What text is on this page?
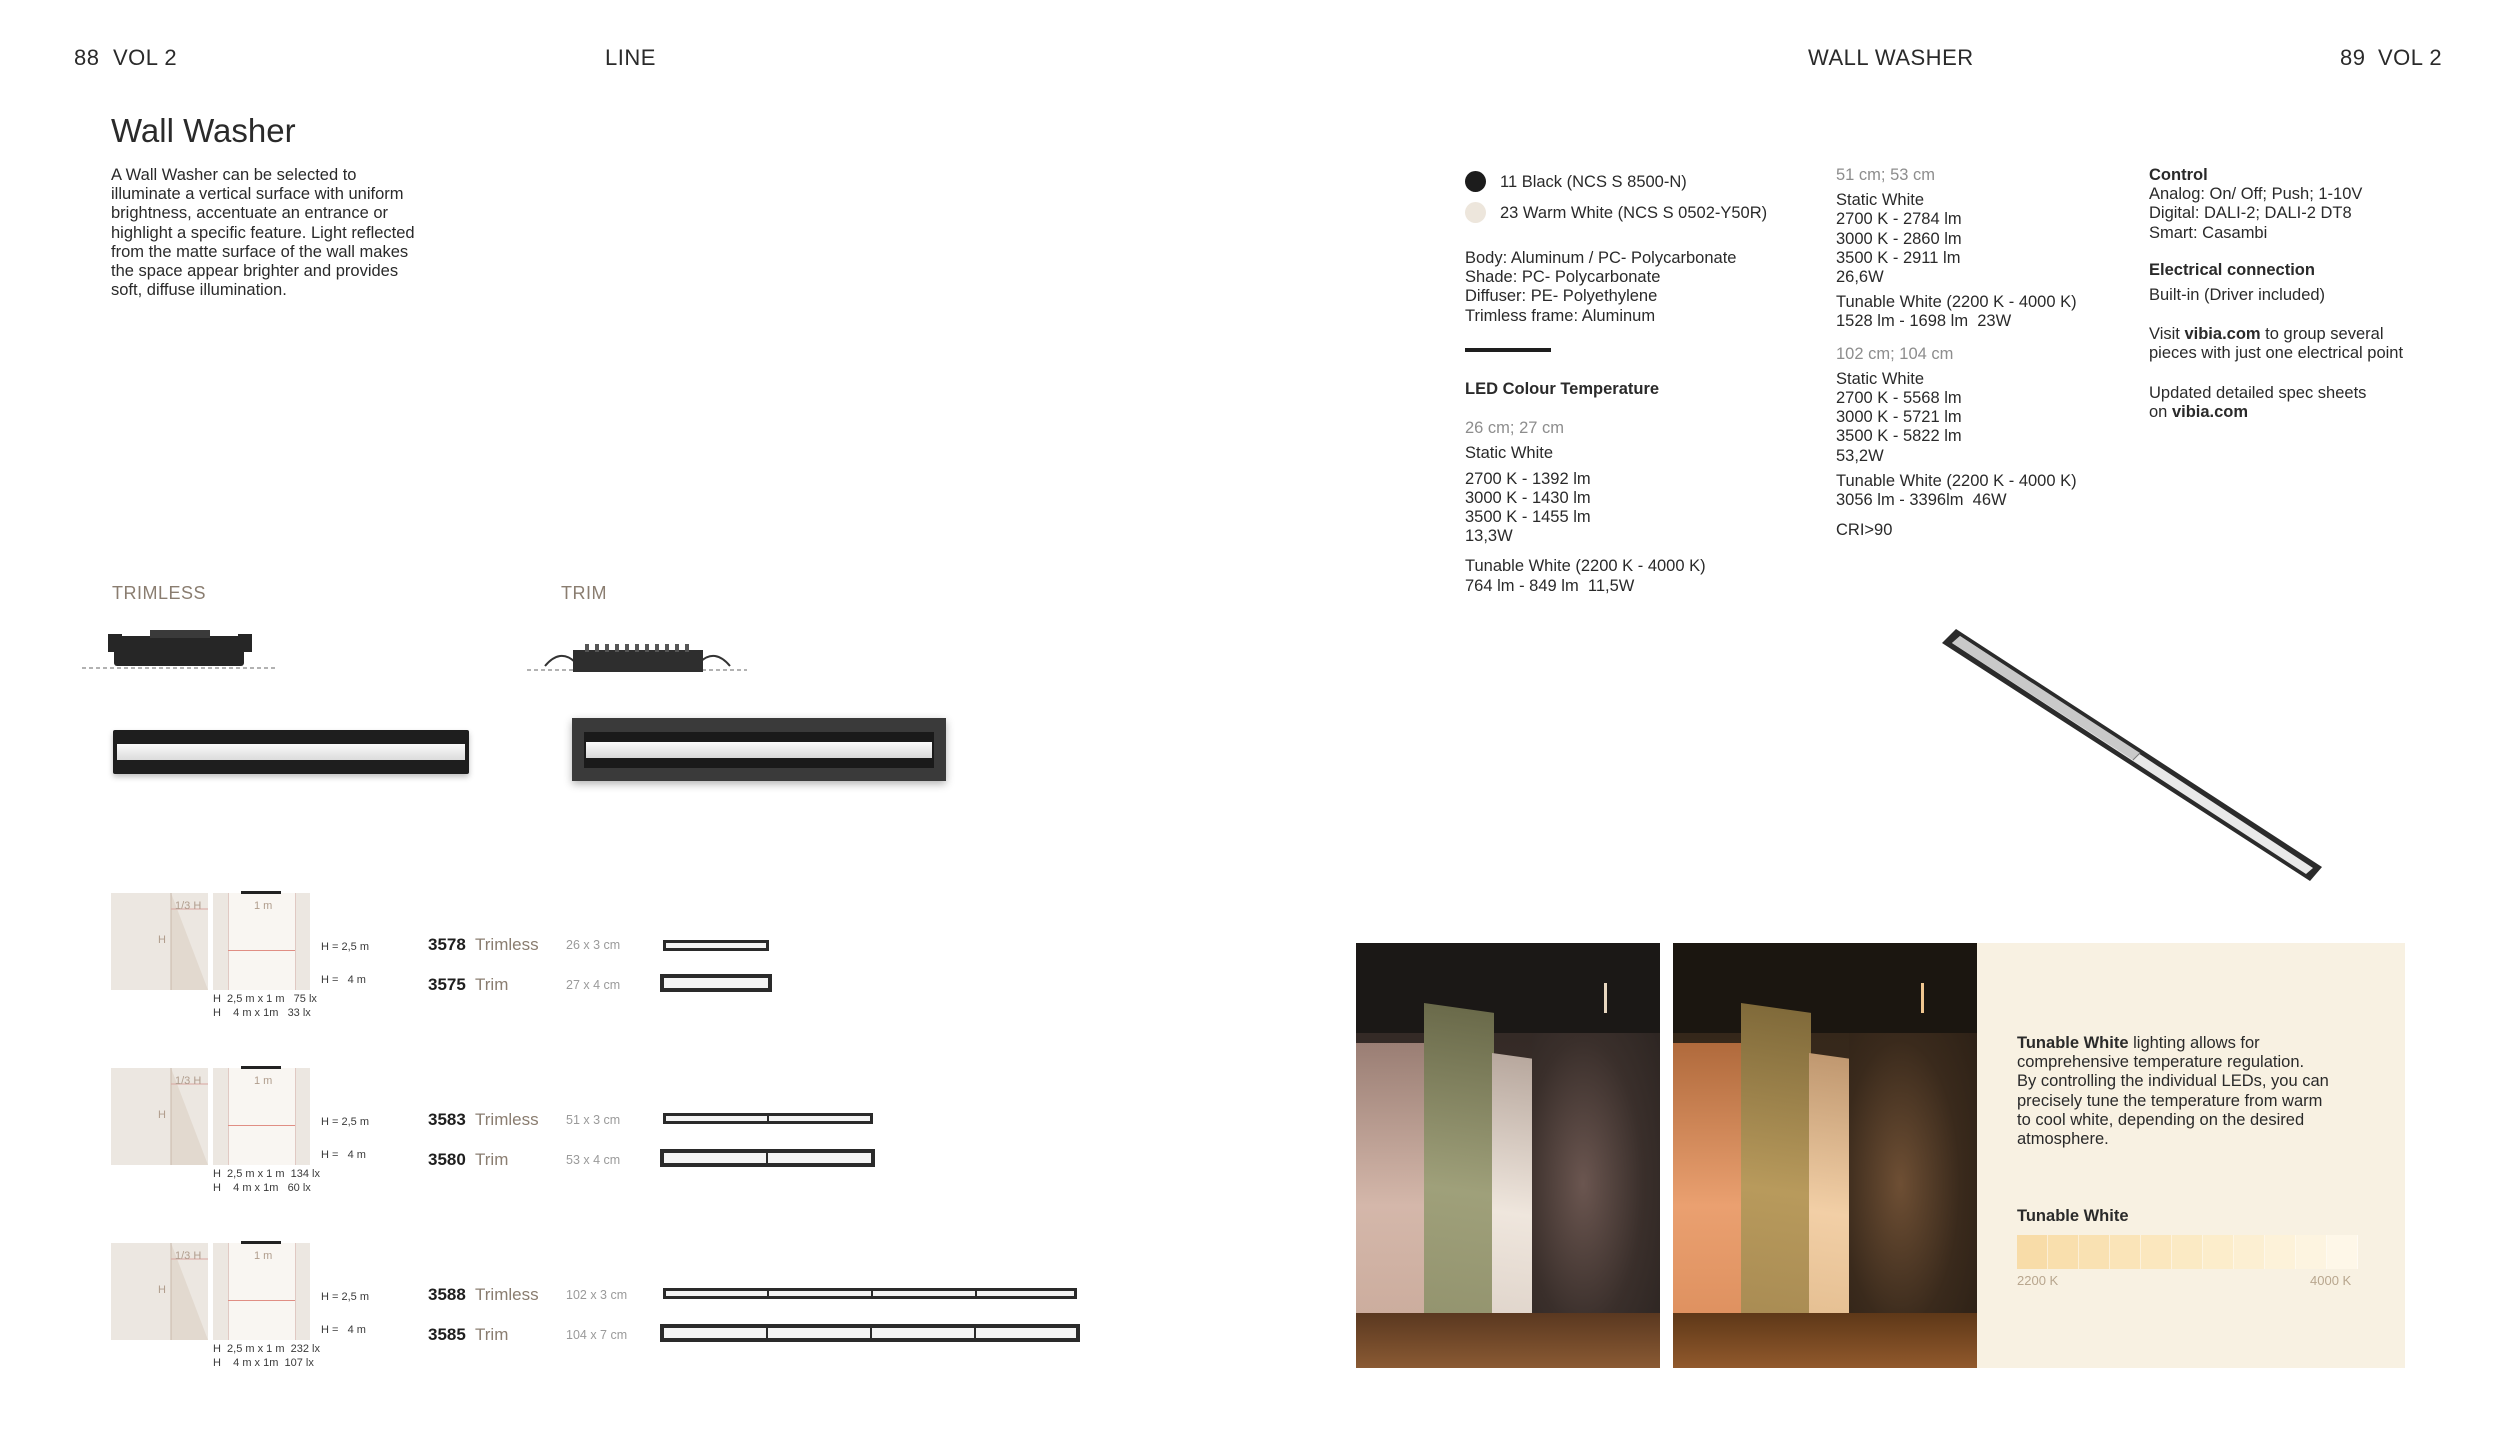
88 VOL 2	LINE	WALL WASHER	89 VOL 2
Wall Washer
A Wall Washer can be selected to
illuminate a vertical surface with uniform
brightness, accentuate an entrance or
highlight a specific feature. Light reflected
from the matte surface of the wall makes
the space appear brighter and provides
soft, diffuse illumination.
TRIMLESS	TRIM
1/3 H
H
1 m
H = 2,5 m
H =   4 m
H  2,5 m x 1 m   75 lx
H    4 m x 1m   33 lx
3578 Trimless 26 x 3 cm
3575 Trim	27 x 4 cm
1/3 H
H
1 m
H = 2,5 m
H =   4 m
H  2,5 m x 1 m  134 lx
H    4 m x 1m   60 lx
3583 Trimless 51 x 3 cm
3580 Trim	53 x 4 cm
1/3 H
H
1 m
H = 2,5 m
H =   4 m
H  2,5 m x 1 m  232 lx
H    4 m x 1m  107 lx
3588 Trimless 102 x 3 cm
3585 Trim	104 x 7 cm
11 Black (NCS S 8500-N)
23 Warm White (NCS S 0502-Y50R)
Body: Aluminum / PC- Polycarbonate
Shade: PC- Polycarbonate
Diffuser: PE- Polyethylene
Trimless frame: Aluminum
LED Colour Temperature
26 cm; 27 cm
Static White
2700 K - 1392 lm
3000 K - 1430 lm
3500 K - 1455 lm
13,3W
Tunable White (2200 K - 4000 K)
764 lm - 849 lm  11,5W
51 cm; 53 cm
Static White
2700 K - 2784 lm
3000 K - 2860 lm
3500 K - 2911 lm
26,6W
Tunable White (2200 K - 4000 K)
1528 lm - 1698 lm  23W
102 cm; 104 cm
Static White
2700 K - 5568 lm
3000 K - 5721 lm
3500 K - 5822 lm
53,2W
Tunable White (2200 K - 4000 K)
3056 lm - 3396lm  46W
CRI>90
Control
Analog: On/ Off; Push; 1-10V
Digital: DALI-2; DALI-2 DT8
Smart: Casambi
Electrical connection
Built-in (Driver included)
Visit vibia.com to group several
pieces with just one electrical point
Updated detailed spec sheets
on vibia.com
Tunable White lighting allows for
comprehensive temperature regulation.
By controlling the individual LEDs, you can
precisely tune the temperature from warm
to cool white, depending on the desired
atmosphere.
Tunable White
2200 K	4000 K
